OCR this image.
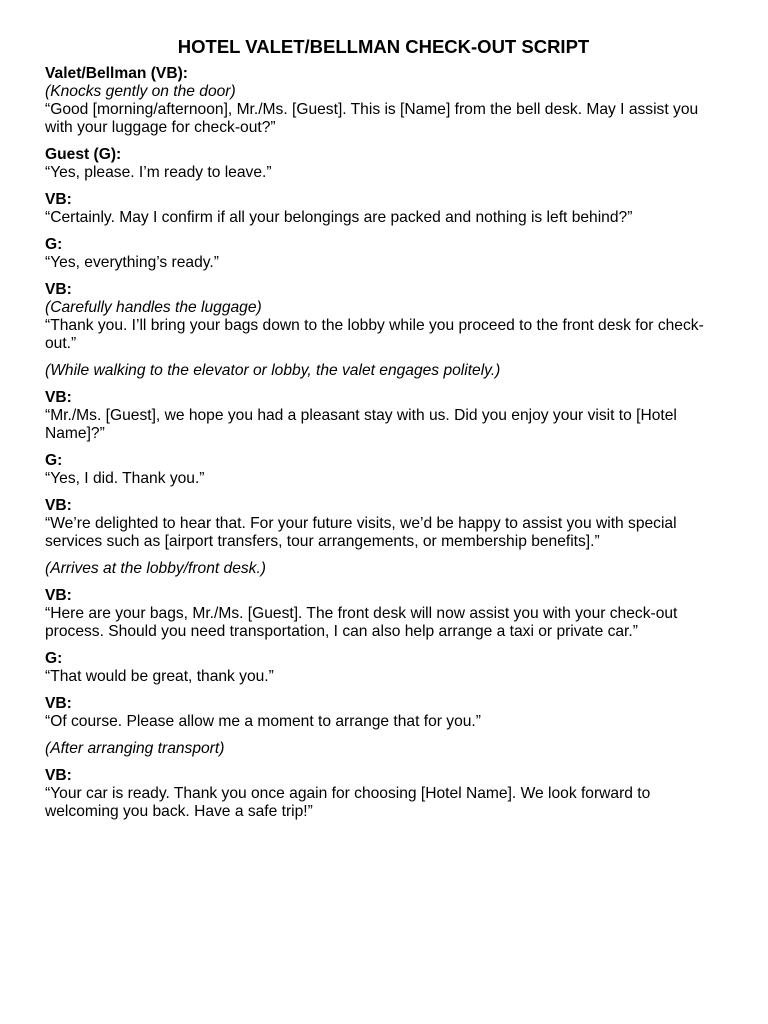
HOTEL VALET/BELLMAN CHECK-OUT SCRIPT
Valet/Bellman (VB):
(Knocks gently on the door)
“Good [morning/afternoon], Mr./Ms. [Guest]. This is [Name] from the bell desk. May I assist you with your luggage for check-out?”
Guest (G):
“Yes, please. I’m ready to leave.”
VB:
“Certainly. May I confirm if all your belongings are packed and nothing is left behind?”
G:
“Yes, everything’s ready.”
VB:
(Carefully handles the luggage)
“Thank you. I’ll bring your bags down to the lobby while you proceed to the front desk for check-out.”
(While walking to the elevator or lobby, the valet engages politely.)
VB:
“Mr./Ms. [Guest], we hope you had a pleasant stay with us. Did you enjoy your visit to [Hotel Name]?”
G:
“Yes, I did. Thank you.”
VB:
“We’re delighted to hear that. For your future visits, we’d be happy to assist you with special services such as [airport transfers, tour arrangements, or membership benefits].”
(Arrives at the lobby/front desk.)
VB:
“Here are your bags, Mr./Ms. [Guest]. The front desk will now assist you with your check-out process. Should you need transportation, I can also help arrange a taxi or private car.”
G:
“That would be great, thank you.”
VB:
“Of course. Please allow me a moment to arrange that for you.”
(After arranging transport)
VB:
“Your car is ready. Thank you once again for choosing [Hotel Name]. We look forward to welcoming you back. Have a safe trip!”
